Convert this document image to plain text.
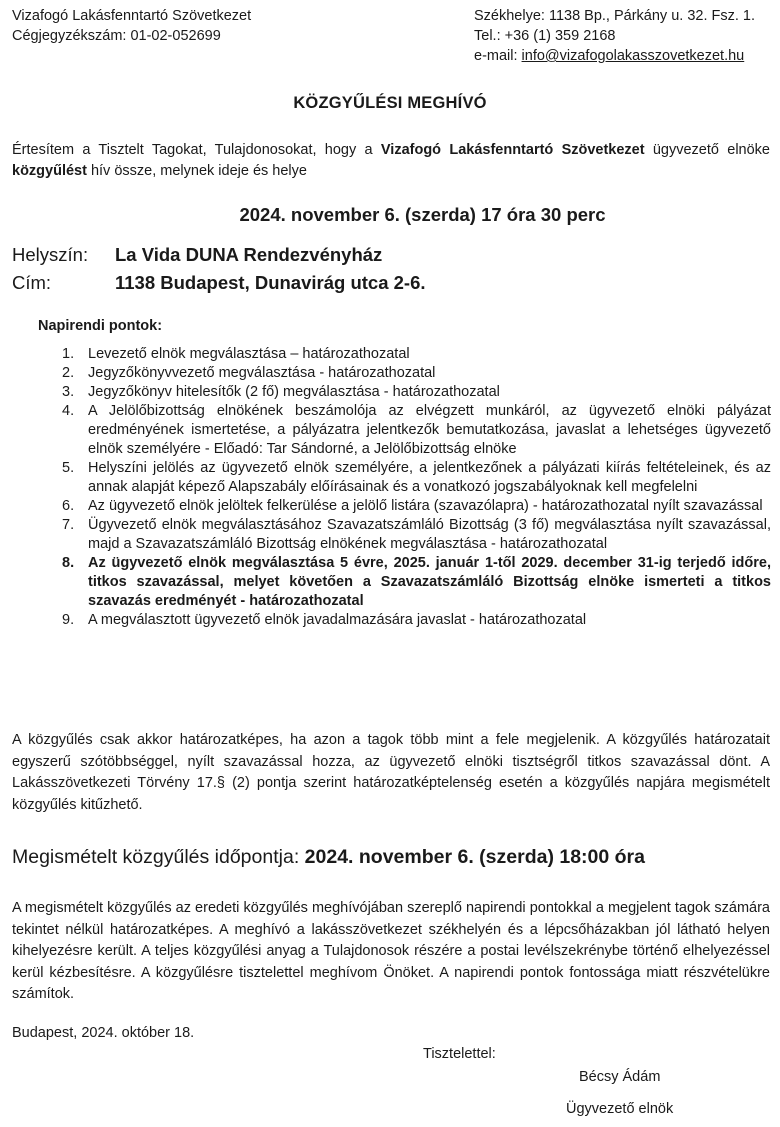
Vizafogó Lakásfenntartó Szövetkezet
Cégjegyzékszám: 01-02-052699
Székhelye: 1138 Bp., Párkány u. 32. Fsz. 1.
Tel.: +36 (1) 359 2168
e-mail: info@vizafogolakasszovetkezet.hu
KÖZGYŰLÉSI MEGHÍVÓ
Értesítem a Tisztelt Tagokat, Tulajdonosokat, hogy a Vizafogó Lakásfenntartó Szövetkezet ügyvezető elnöke közgyűlést hív össze, melynek ideje és helye
2024. november 6. (szerda) 17 óra 30 perc
Helyszín: La Vida DUNA Rendezvényház
Cím:	1138 Budapest, Dunavirág utca 2-6.
Napirendi pontok:
1. Levezető elnök megválasztása – határozathozatal
2. Jegyzőkönyvvezető megválasztása - határozathozatal
3. Jegyzőkönyv hitelesítők (2 fő) megválasztása - határozathozatal
4. A Jelölőbizottság elnökének beszámolója az elvégzett munkáról, az ügyvezető elnöki pályázat eredményének ismertetése, a pályázatra jelentkezők bemutatkozása, javaslat a lehetséges ügyvezető elnök személyére - Előadó: Tar Sándorné, a Jelölőbizottság elnöke
5. Helyszíni jelölés az ügyvezető elnök személyére, a jelentkezőnek a pályázati kiírás feltételeinek, és az annak alapját képező Alapszabály előírásainak és a vonatkozó jogszabályoknak kell megfelelni
6. Az ügyvezető elnök jelöltek felkerülése a jelölő listára (szavazólapra) - határozathozatal nyílt szavazással
7. Ügyvezető elnök megválasztásához Szavazatszámláló Bizottság (3 fő) megválasztása nyílt szavazással, majd a Szavazatszámláló Bizottság elnökének megválasztása - határozathozatal
8. Az ügyvezető elnök megválasztása 5 évre, 2025. január 1-től 2029. december 31-ig terjedő időre, titkos szavazással, melyet követően a Szavazatszámláló Bizottság elnöke ismerteti a titkos szavazás eredményét - határozathozatal
9. A megválasztott ügyvezető elnök javadalmazására javaslat - határozathozatal
A közgyűlés csak akkor határozatképes, ha azon a tagok több mint a fele megjelenik. A közgyűlés határozatait egyszerű szótöbbséggel, nyílt szavazással hozza, az ügyvezető elnöki tisztségről titkos szavazással dönt. A Lakásszövetkezeti Törvény 17.§ (2) pontja szerint határozatképtelenség esetén a közgyűlés napjára megismételt közgyűlés kitűzhető.
Megismételt közgyűlés időpontja: 2024. november 6. (szerda) 18:00 óra
A megismételt közgyűlés az eredeti közgyűlés meghívójában szereplő napirendi pontokkal a megjelent tagok számára tekintet nélkül határozatképes. A meghívó a lakásszövetkezet székhelyén és a lépcsőházakban jól látható helyen kihelyezésre került. A teljes közgyűlési anyag a Tulajdonosok részére a postai levélszekrénybe történő elhelyezéssel kerül kézbesítésre. A közgyűlésre tisztelettel meghívom Önöket. A napirendi pontok fontossága miatt részvételükre számítok.
Budapest, 2024. október 18.
Tisztelettel:
Bécsy Ádám
Ügyvezető elnök
